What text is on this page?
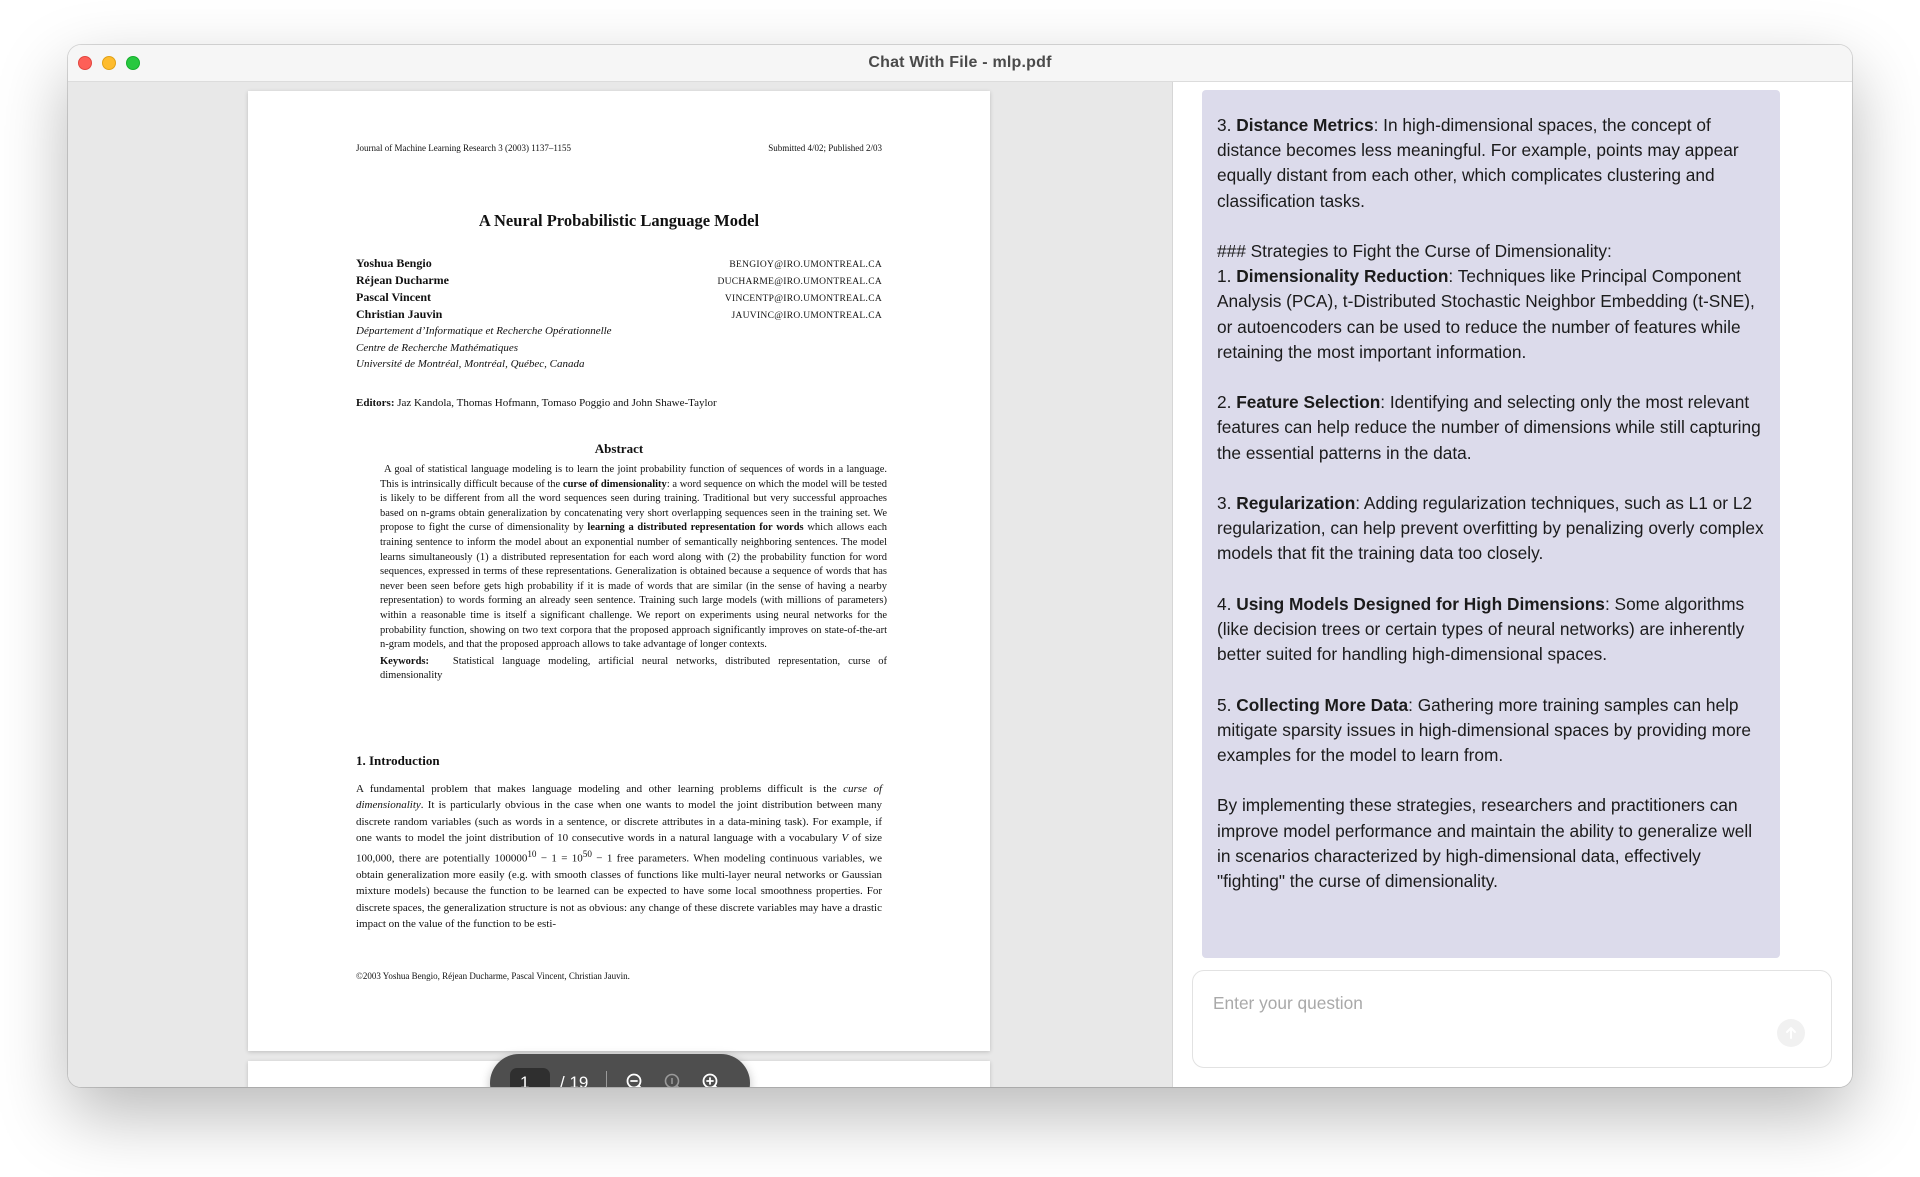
Chat With File - mlp.pdf
Journal of Machine Learning Research 3 (2003) 1137–1155	Submitted 4/02; Published 2/03
A Neural Probabilistic Language Model
Yoshua Bengio
Réjean Ducharme
Pascal Vincent
Christian Jauvin
BENGIOY@IRO.UMONTREAL.CA
DUCHARME@IRO.UMONTREAL.CA
VINCENTP@IRO.UMONTREAL.CA
JAUVINC@IRO.UMONTREAL.CA
Département d’Informatique et Recherche Opérationnelle
Centre de Recherche Mathématiques
Université de Montréal, Montréal, Québec, Canada
Editors: Jaz Kandola, Thomas Hofmann, Tomaso Poggio and John Shawe-Taylor
Abstract

A goal of statistical language modeling is to learn the joint probability function of sequences of words in a language. This is intrinsically difficult because of the curse of dimensionality: a word sequence on which the model will be tested is likely to be different from all the word sequences seen during training. Traditional but very successful approaches based on n-grams obtain generalization by concatenating very short overlapping sequences seen in the training set. We propose to fight the curse of dimensionality by learning a distributed representation for words which allows each training sentence to inform the model about an exponential number of semantically neighboring sentences. The model learns simultaneously (1) a distributed representation for each word along with (2) the probability function for word sequences, expressed in terms of these representations. Generalization is obtained because a sequence of words that has never been seen before gets high probability if it is made of words that are similar (in the sense of having a nearby representation) to words forming an already seen sentence. Training such large models (with millions of parameters) within a reasonable time is itself a significant challenge. We report on experiments using neural networks for the probability function, showing on two text corpora that the proposed approach significantly improves on state-of-the-art n-gram models, and that the proposed approach allows to take advantage of longer contexts.

Keywords: Statistical language modeling, artificial neural networks, distributed representation, curse of dimensionality

1. Introduction

A fundamental problem that makes language modeling and other learning problems difficult is the curse of dimensionality. It is particularly obvious in the case when one wants to model the joint distribution between many discrete random variables (such as words in a sentence, or discrete attributes in a data-mining task). For example, if one wants to model the joint distribution of 10 consecutive words in a natural language with a vocabulary V of size 100,000, there are potentially $100000^{10} - 1 = 10^{50} - 1$ free parameters. When modeling continuous variables, we obtain generalization more easily (e.g. with smooth classes of functions like multi-layer neural networks or Gaussian mixture models) because the function to be learned can be expected to have some local smoothness properties. For discrete spaces, the generalization structure is not as obvious: any change of these discrete variables may have a drastic impact on the value of the function to be esti-

©2003 Yoshua Bengio, Réjean Ducharme, Pascal Vincent, Christian Jauvin.
1
/ 19

3. Distance Metrics: In high-dimensional spaces, the concept of distance becomes less meaningful. For example, points may appear equally distant from each other, which complicates clustering and classification tasks.

### Strategies to Fight the Curse of Dimensionality:
1. Dimensionality Reduction: Techniques like Principal Component Analysis (PCA), t-Distributed Stochastic Neighbor Embedding (t-SNE), or autoencoders can be used to reduce the number of features while retaining the most important information.

2. Feature Selection: Identifying and selecting only the most relevant features can help reduce the number of dimensions while still capturing the essential patterns in the data.

3. Regularization: Adding regularization techniques, such as L1 or L2 regularization, can help prevent overfitting by penalizing overly complex models that fit the training data too closely.

4. Using Models Designed for High Dimensions: Some algorithms (like decision trees or certain types of neural networks) are inherently better suited for handling high-dimensional spaces.

5. Collecting More Data: Gathering more training samples can help mitigate sparsity issues in high-dimensional spaces by providing more examples for the model to learn from.

By implementing these strategies, researchers and practitioners can improve model performance and maintain the ability to generalize well in scenarios characterized by high-dimensional data, effectively "fighting" the curse of dimensionality.

Enter your question
